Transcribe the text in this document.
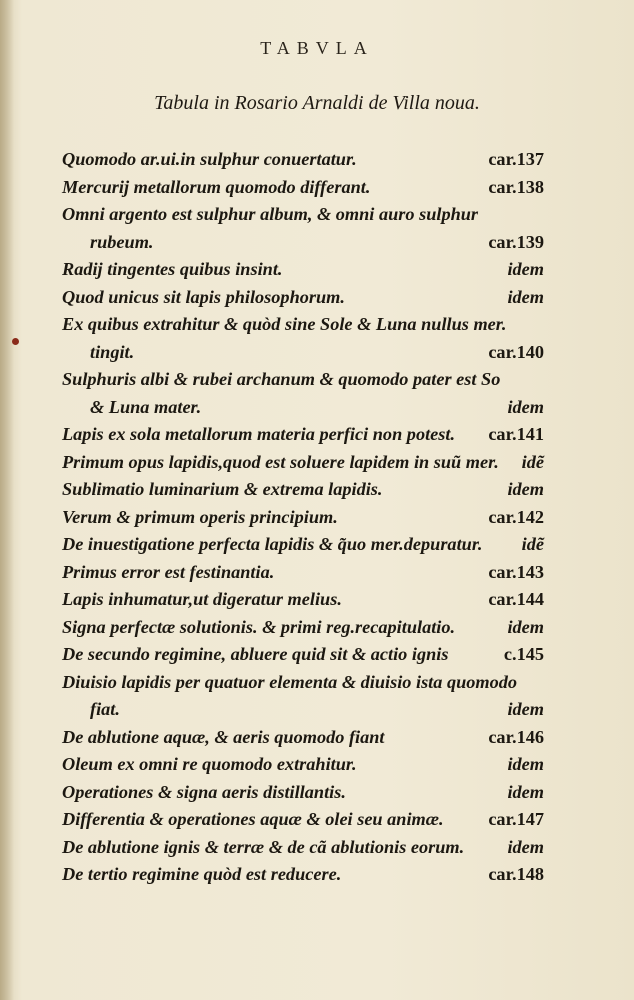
TABVLA
Tabula in Rosario Arnaldi de Villa noua.
Quomodo ar.ui.in sulphur conuertatur.	car.137
Mercurij metallorum quomodo differant.	car.138
Omni argento est sulphur album, & omni auro sulphur
rubeum.	car.139
Radij tingentes quibus insint.	idem
Quod unicus sit lapis philosophorum.	idem
Ex quibus extrahitur & quòd sine Sole & Luna nullus mer.
tingit.	car.140
Sulphuris albi & rubei archanum & quomodo pater est So
& Luna mater.	idem
Lapis ex sola metallorum materia perfici non potest.	car.141
Primum opus lapidis,quod est soluere lapidem in suũ mer.	idẽ
Sublimatio luminarium & extrema lapidis.	idem
Verum & primum operis principium.	car.142
De inuestigatione perfecta lapidis & q̃uo mer.depuratur.	idẽ
Primus error est festinantia.	car.143
Lapis inhumatur,ut digeratur melius.	car.144
Signa perfectæ solutionis. & primi reg.recapitulatio.	idem
De secundo regimine, abluere quid sit & actio ignis	c.145
Diuisio lapidis per quatuor elementa & diuisio ista quomodo
fiat.	idem
De ablutione aquæ, & aeris quomodo fiant	car.146
Oleum ex omni re quomodo extrahitur.	idem
Operationes & signa aeris distillantis.	idem
Differentia & operationes aquæ & olei seu animæ.	car.147
De ablutione ignis & terræ & de cã ablutionis eorum.	idem
De tertio regimine quòd est reducere.	car.148
